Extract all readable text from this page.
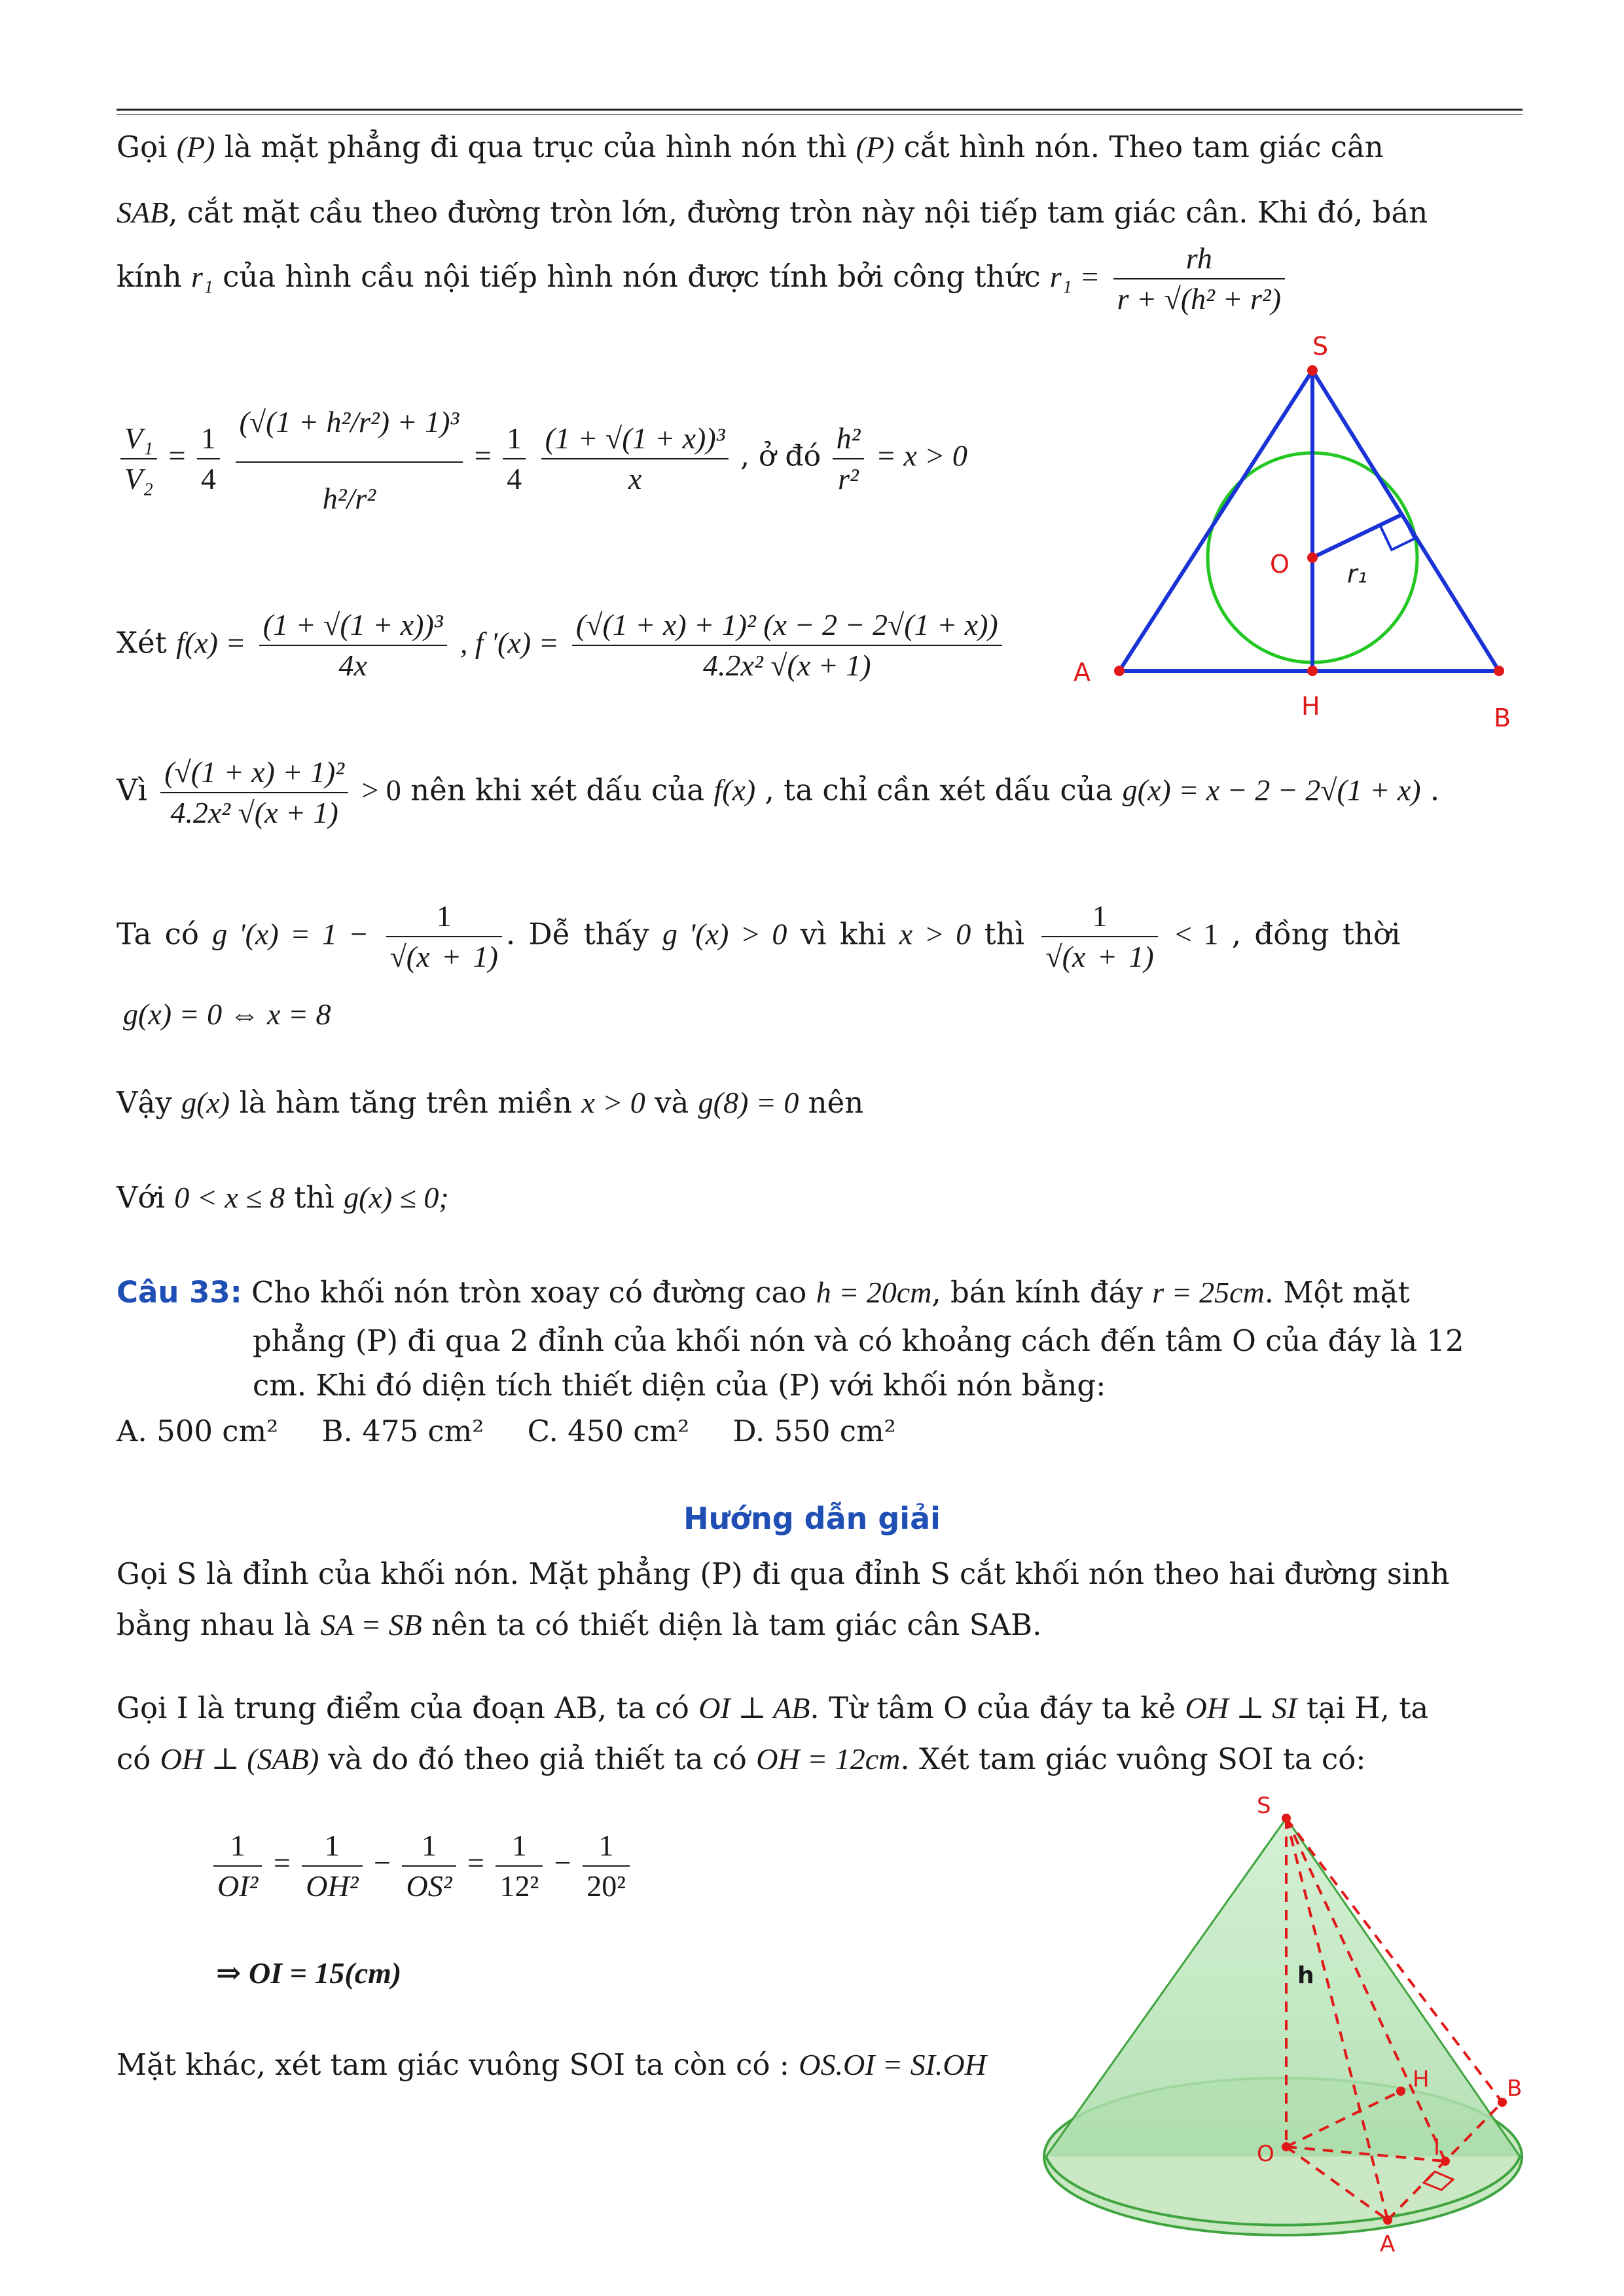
Gọi (P) là mặt phẳng đi qua trục của hình nón thì (P) cắt hình nón. Theo tam giác cân
SAB, cắt mặt cầu theo đường tròn lớn, đường tròn này nội tiếp tam giác cân. Khi đó, bán
kính r₁ của hình cầu nội tiếp hình nón được tính bởi công thức $r_1 = \frac{rh}{\text{r + √(h² + r²)}}$
$\frac{\text{V₁}}{\text{V₂}} = \frac{1}{4}$
$\frac{\text{(√(1 + h²/r²) + 1)³}}{\text{h²/r²}} = \frac{1}{4}$
$\frac{\text{(1 + √(1 + x))³}}{x}$ , ở đó $\frac{\text{h²}}{\text{r²}} = x > 0$
Xét $f(x) = \frac{\text{(1 + √(1 + x))³}}{4x}$ , f '$(x) = \frac{\text{(√(1 + x) + 1)² (x − 2 − 2√(1 + x))}}{\text{4.2x² √(x + 1)}}$
Vì $\frac{\text{(√(1 + x) + 1)²}}{\text{4.2x² √(x + 1)}} > 0$ nên khi xét dấu của f(x) , ta chỉ cần xét dấu của g(x) = x − 2 − 2√(1 + x) .
Ta có g '$(x) = 1 - \frac{1}{√(x + 1)}$ . Dễ thấy g '(x) > 0 vì khi x > 0 thì $\frac{1}{√(x + 1)} < 1$ , đồng thời
g(x) = 0 ⇔ x = 8
Vậy g(x) là hàm tăng trên miền x > 0 và g(8) = 0 nên
Với 0 < x ≤ 8 thì g(x) ≤ 0;
Câu 33: Cho khối nón tròn xoay có đường cao h = 20cm, bán kính đáy r = 25cm. Một mặt
phẳng (P) đi qua 2 đỉnh của khối nón và có khoảng cách đến tâm O của đáy là 12
cm. Khi đó diện tích thiết diện của (P) với khối nón bằng:
A. 500 cm² B. 475 cm² C. 450 cm² D. 550 cm²
Hướng dẫn giải
Gọi S là đỉnh của khối nón. Mặt phẳng (P) đi qua đỉnh S cắt khối nón theo hai đường sinh
bằng nhau là SA = SB nên ta có thiết diện là tam giác cân SAB.
Gọi I là trung điểm của đoạn AB, ta có OI ⊥ AB. Từ tâm O của đáy ta kẻ OH ⊥ SI tại H, ta
có OH ⊥ (SAB) và do đó theo giả thiết ta có OH = 12cm. Xét tam giác vuông SOI ta có:
$\frac{1}{\text{OI²}} = \frac{1}{\text{OH²}} - \frac{1}{\text{OS²}} = \frac{1}{\text{12²}} - \frac{1}{\text{20²}}$
⇒ OI = 15(cm)
Mặt khác, xét tam giác vuông SOI ta còn có : OS.OI = SI.OH
S
O r₁
A
H	B
S
h
H	B
O	I
A
